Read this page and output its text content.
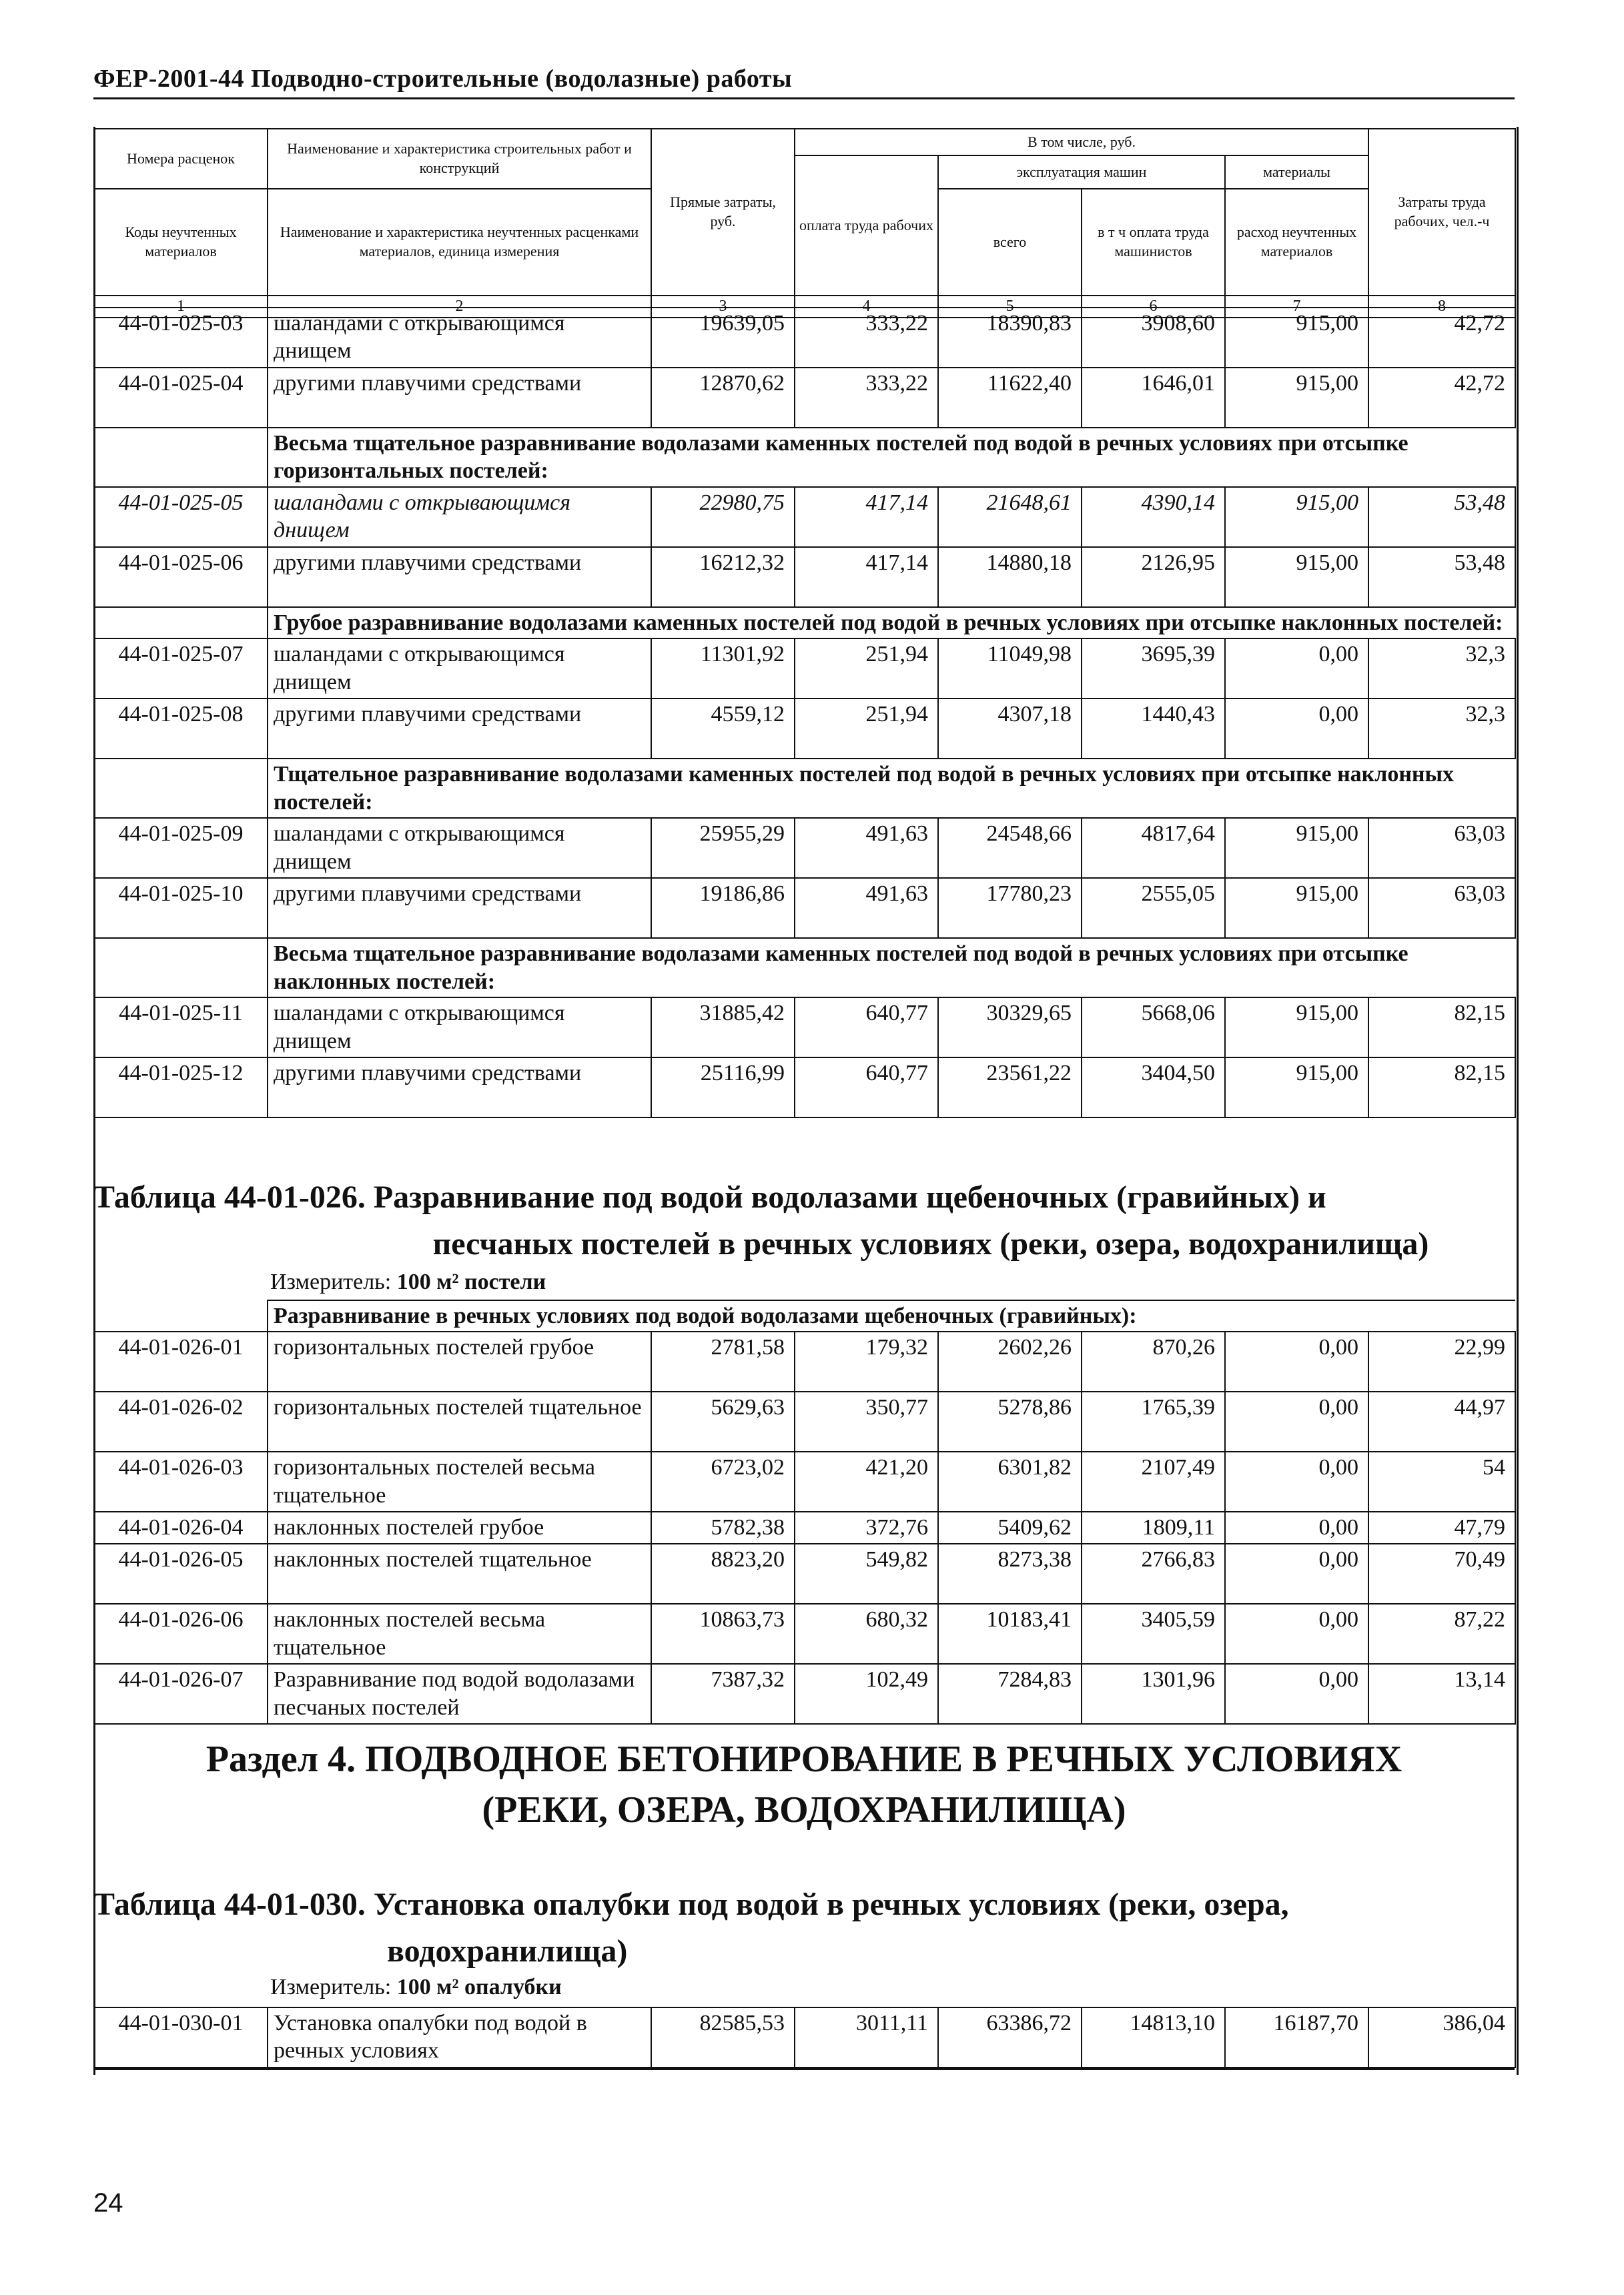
ФЕР-2001-44 Подводно-строительные (водолазные) работы
Номера расценок	Наименование и характеристика строительных работ и конструкций	Прямые затраты, руб.	В том числе, руб.				Затраты труда рабочих, чел.-ч
			оплата труда рабочих	эксплуатация машин		материалы	
Коды неучтенных материалов	Наименование и характеристика неучтенных расценками материалов, единица измерения			всего	в т ч оплата труда машинистов	расход неучтенных материалов	

1	2	3	4	5	6	7	8
44-01-025-03	шаландами с открывающимся днищем	19639,05	333,22	18390,83	3908,60	915,00	42,72
44-01-025-04	другими плавучими средствами	12870,62	333,22	11622,40	1646,01	915,00	42,72
	Весьма тщательное разравнивание водолазами каменных постелей под водой в речных условиях при отсыпке горизонтальных постелей:						
44-01-025-05	шаландами с открывающимся днищем	22980,75	417,14	21648,61	4390,14	915,00	53,48
44-01-025-06	другими плавучими средствами	16212,32	417,14	14880,18	2126,95	915,00	53,48
	Грубое разравнивание водолазами каменных постелей под водой в речных условиях при отсыпке наклонных постелей:						
44-01-025-07	шаландами с открывающимся днищем	11301,92	251,94	11049,98	3695,39	0,00	32,3
44-01-025-08	другими плавучими средствами	4559,12	251,94	4307,18	1440,43	0,00	32,3
	Тщательное разравнивание водолазами каменных постелей под водой в речных условиях при отсыпке наклонных постелей:						
44-01-025-09	шаландами с открывающимся днищем	25955,29	491,63	24548,66	4817,64	915,00	63,03
44-01-025-10	другими плавучими средствами	19186,86	491,63	17780,23	2555,05	915,00	63,03
	Весьма тщательное разравнивание водолазами каменных постелей под водой в речных условиях при отсыпке наклонных постелей:						
44-01-025-11	шаландами с открывающимся днищем	31885,42	640,77	30329,65	5668,06	915,00	82,15
44-01-025-12	другими плавучими средствами	25116,99	640,77	23561,22	3404,50	915,00	82,15
Таблица 44-01-026. Разравнивание под водой водолазами щебеночных (гравийных) и
песчаных постелей в речных условиях (реки, озера, водохранилища)
Измеритель: 100 м² постели
	Разравнивание в речных условиях под водой водолазами щебеночных (гравийных):						
44-01-026-01	горизонтальных постелей грубое	2781,58	179,32	2602,26	870,26	0,00	22,99
44-01-026-02	горизонтальных постелей тщательное	5629,63	350,77	5278,86	1765,39	0,00	44,97
44-01-026-03	горизонтальных постелей весьма тщательное	6723,02	421,20	6301,82	2107,49	0,00	54
44-01-026-04	наклонных постелей грубое	5782,38	372,76	5409,62	1809,11	0,00	47,79
44-01-026-05	наклонных постелей тщательное	8823,20	549,82	8273,38	2766,83	0,00	70,49
44-01-026-06	наклонных постелей весьма тщательное	10863,73	680,32	10183,41	3405,59	0,00	87,22
44-01-026-07	Разравнивание под водой водолазами песчаных постелей	7387,32	102,49	7284,83	1301,96	0,00	13,14
Раздел 4. ПОДВОДНОЕ БЕТОНИРОВАНИЕ В РЕЧНЫХ УСЛОВИЯХ
(РЕКИ, ОЗЕРА, ВОДОХРАНИЛИЩА)
Таблица 44-01-030. Установка опалубки под водой в речных условиях (реки, озера,
водохранилища)
Измеритель: 100 м² опалубки
44-01-030-01	Установка опалубки под водой в речных условиях	82585,53	3011,11	63386,72	14813,10	16187,70	386,04
24
